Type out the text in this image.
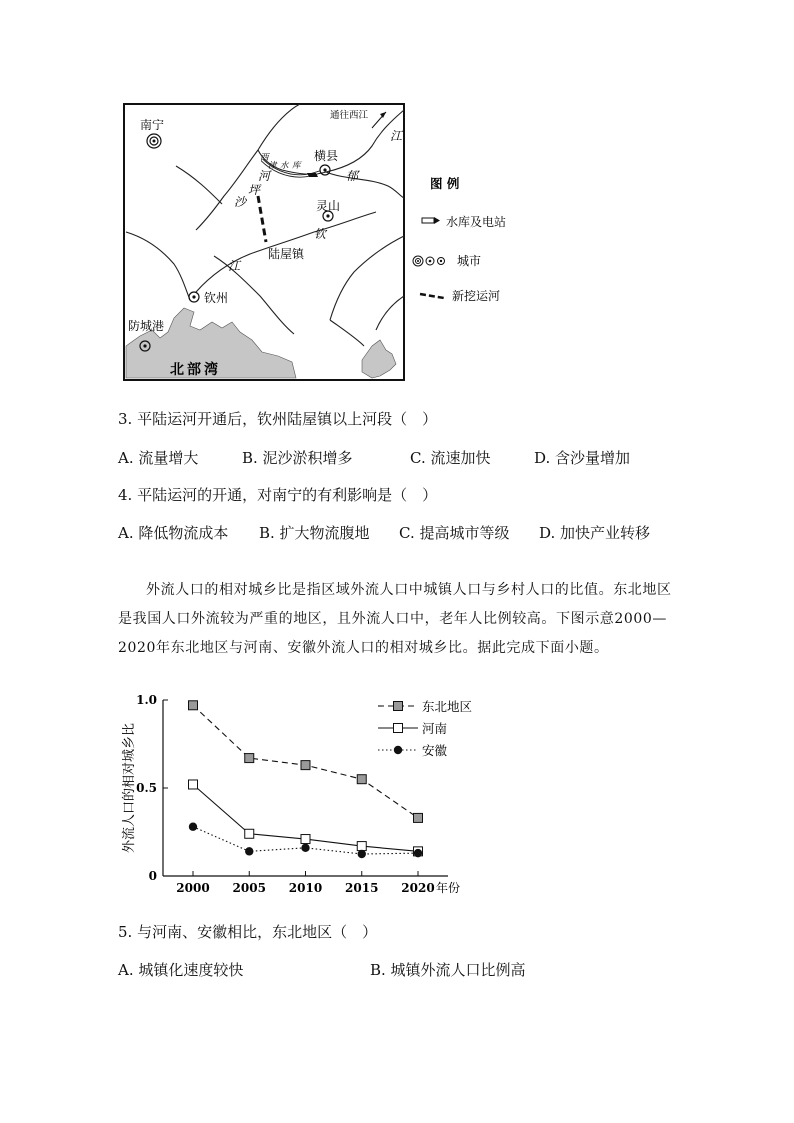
南宁
横县
灵山
陆屋镇
钦州
防城港
北部湾
通往西江
江
郁
沙
坪
河
钦
江
西
津 水 库
图 例
水库及电站
城市
新挖运河
3. 平陆运河开通后，钦州陆屋镇以上河段（　）
A. 流量增大	B. 泥沙淤积增多	C. 流速加快	D. 含沙量增加
4. 平陆运河的开通，对南宁的有利影响是（　）
A. 降低物流成本 B. 扩大物流腹地 C. 提高城市等级 D. 加快产业转移
外流人口的相对城乡比是指区域外流人口中城镇人口与乡村人口的比值。东北地区是我国人口外流较为严重的地区，且外流人口中，老年人比例较高。下图示意2000—2020年东北地区与河南、安徽外流人口的相对城乡比。据此完成下面小题。
0
0.5
1.0
2000 2005 2010 2015 2020 年份
外流人口的相对城乡比
东北地区
河南
安徽
5. 与河南、安徽相比，东北地区（　）
A. 城镇化速度较快	B. 城镇外流人口比例高
